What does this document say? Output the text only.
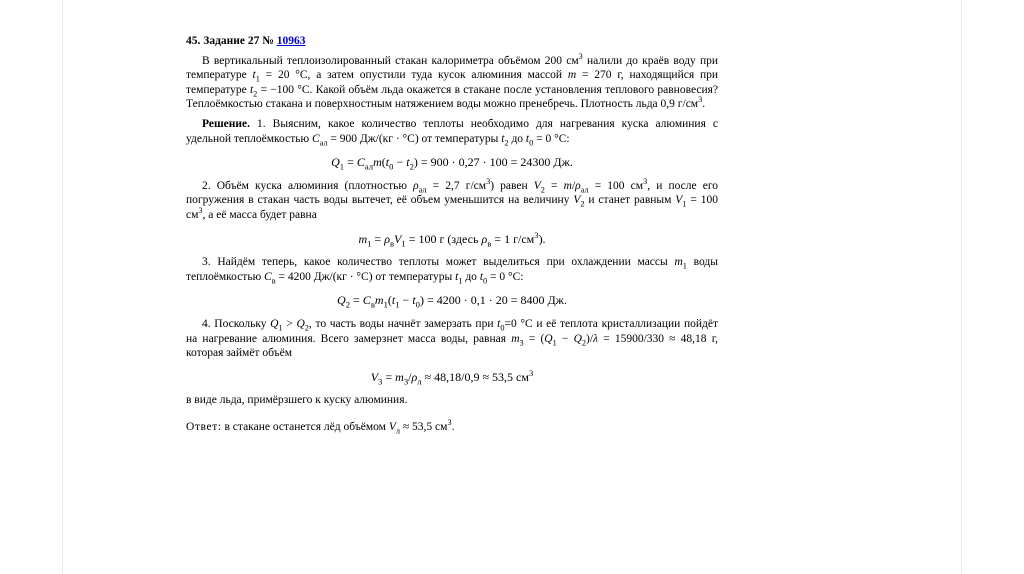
45. Задание 27 № 10963

В вертикальный теплоизолированный стакан калориметра объёмом 200 $см^3$ налили до краёв воду при температуре $t_1 = 20$ °С, а затем опустили туда кусок алюминия массой m = 270 г, находящийся при температуре $t_2 = -100$ °С. Какой объём льда окажется в стакане после установления теплового равновесия? Теплоёмкостью стакана и поверхностным натяжением воды можно пренебречь. Плотность льда 0,9 $г/см^3$.

Решение. 1. Выясним, какое количество теплоты необходимо для нагревания куска алюминия с удельной теплоёмкостью $C_{ал} = 900$ Дж/(кг · °С) от температуры $t_2$ до $t_0 = 0$ °С:

$Q_1 = C_{ал}m(t_0 - t_2) = 900 \cdot 0,27 \cdot 100 = 24300$ Дж.

2. Объём куска алюминия (плотностью $\rho_{ал} = 2,7$ $г/см^3$) равен $V_2 = m/\rho_{ал} = 100$ $см^3$, и после его погружения в стакан часть воды вытечет, её объем уменьшится на величину $V_2$ и станет равным $V_1 = 100$ $см^3$, а её масса будет равна

$m_1 = \rho_вV_1 = 100$ г (здесь $\rho_в = 1$ $г/см^3$).

3. Найдём теперь, какое количество теплоты может выделиться при охлаждении массы $m_1$ воды теплоёмкостью $C_в = 4200$ Дж/(кг · °С) от температуры $t_1$ до $t_0 = 0$ °С:

$Q_2 = C_вm_1(t_1 - t_0) = 4200 \cdot 0,1 \cdot 20 = 8400$ Дж.

4. Поскольку $Q_1 > Q_2$, то часть воды начнёт замерзать при $t_0=0$ °С и её теплота кристаллизации пойдёт на нагревание алюминия. Всего замерзнет масса воды, равная $m_3 = (Q_1 - Q_2)/\lambda = 15900/330 \approx 48,18$ г, которая займёт объём

$V_3 = m_3/\rho_л \approx 48,18/0,9 \approx 53,5$ $см^3$

в виде льда, примёрзшего к куску алюминия.

Ответ: в стакане останется лёд объёмом $V_л \approx 53,5$ $см^3$.
